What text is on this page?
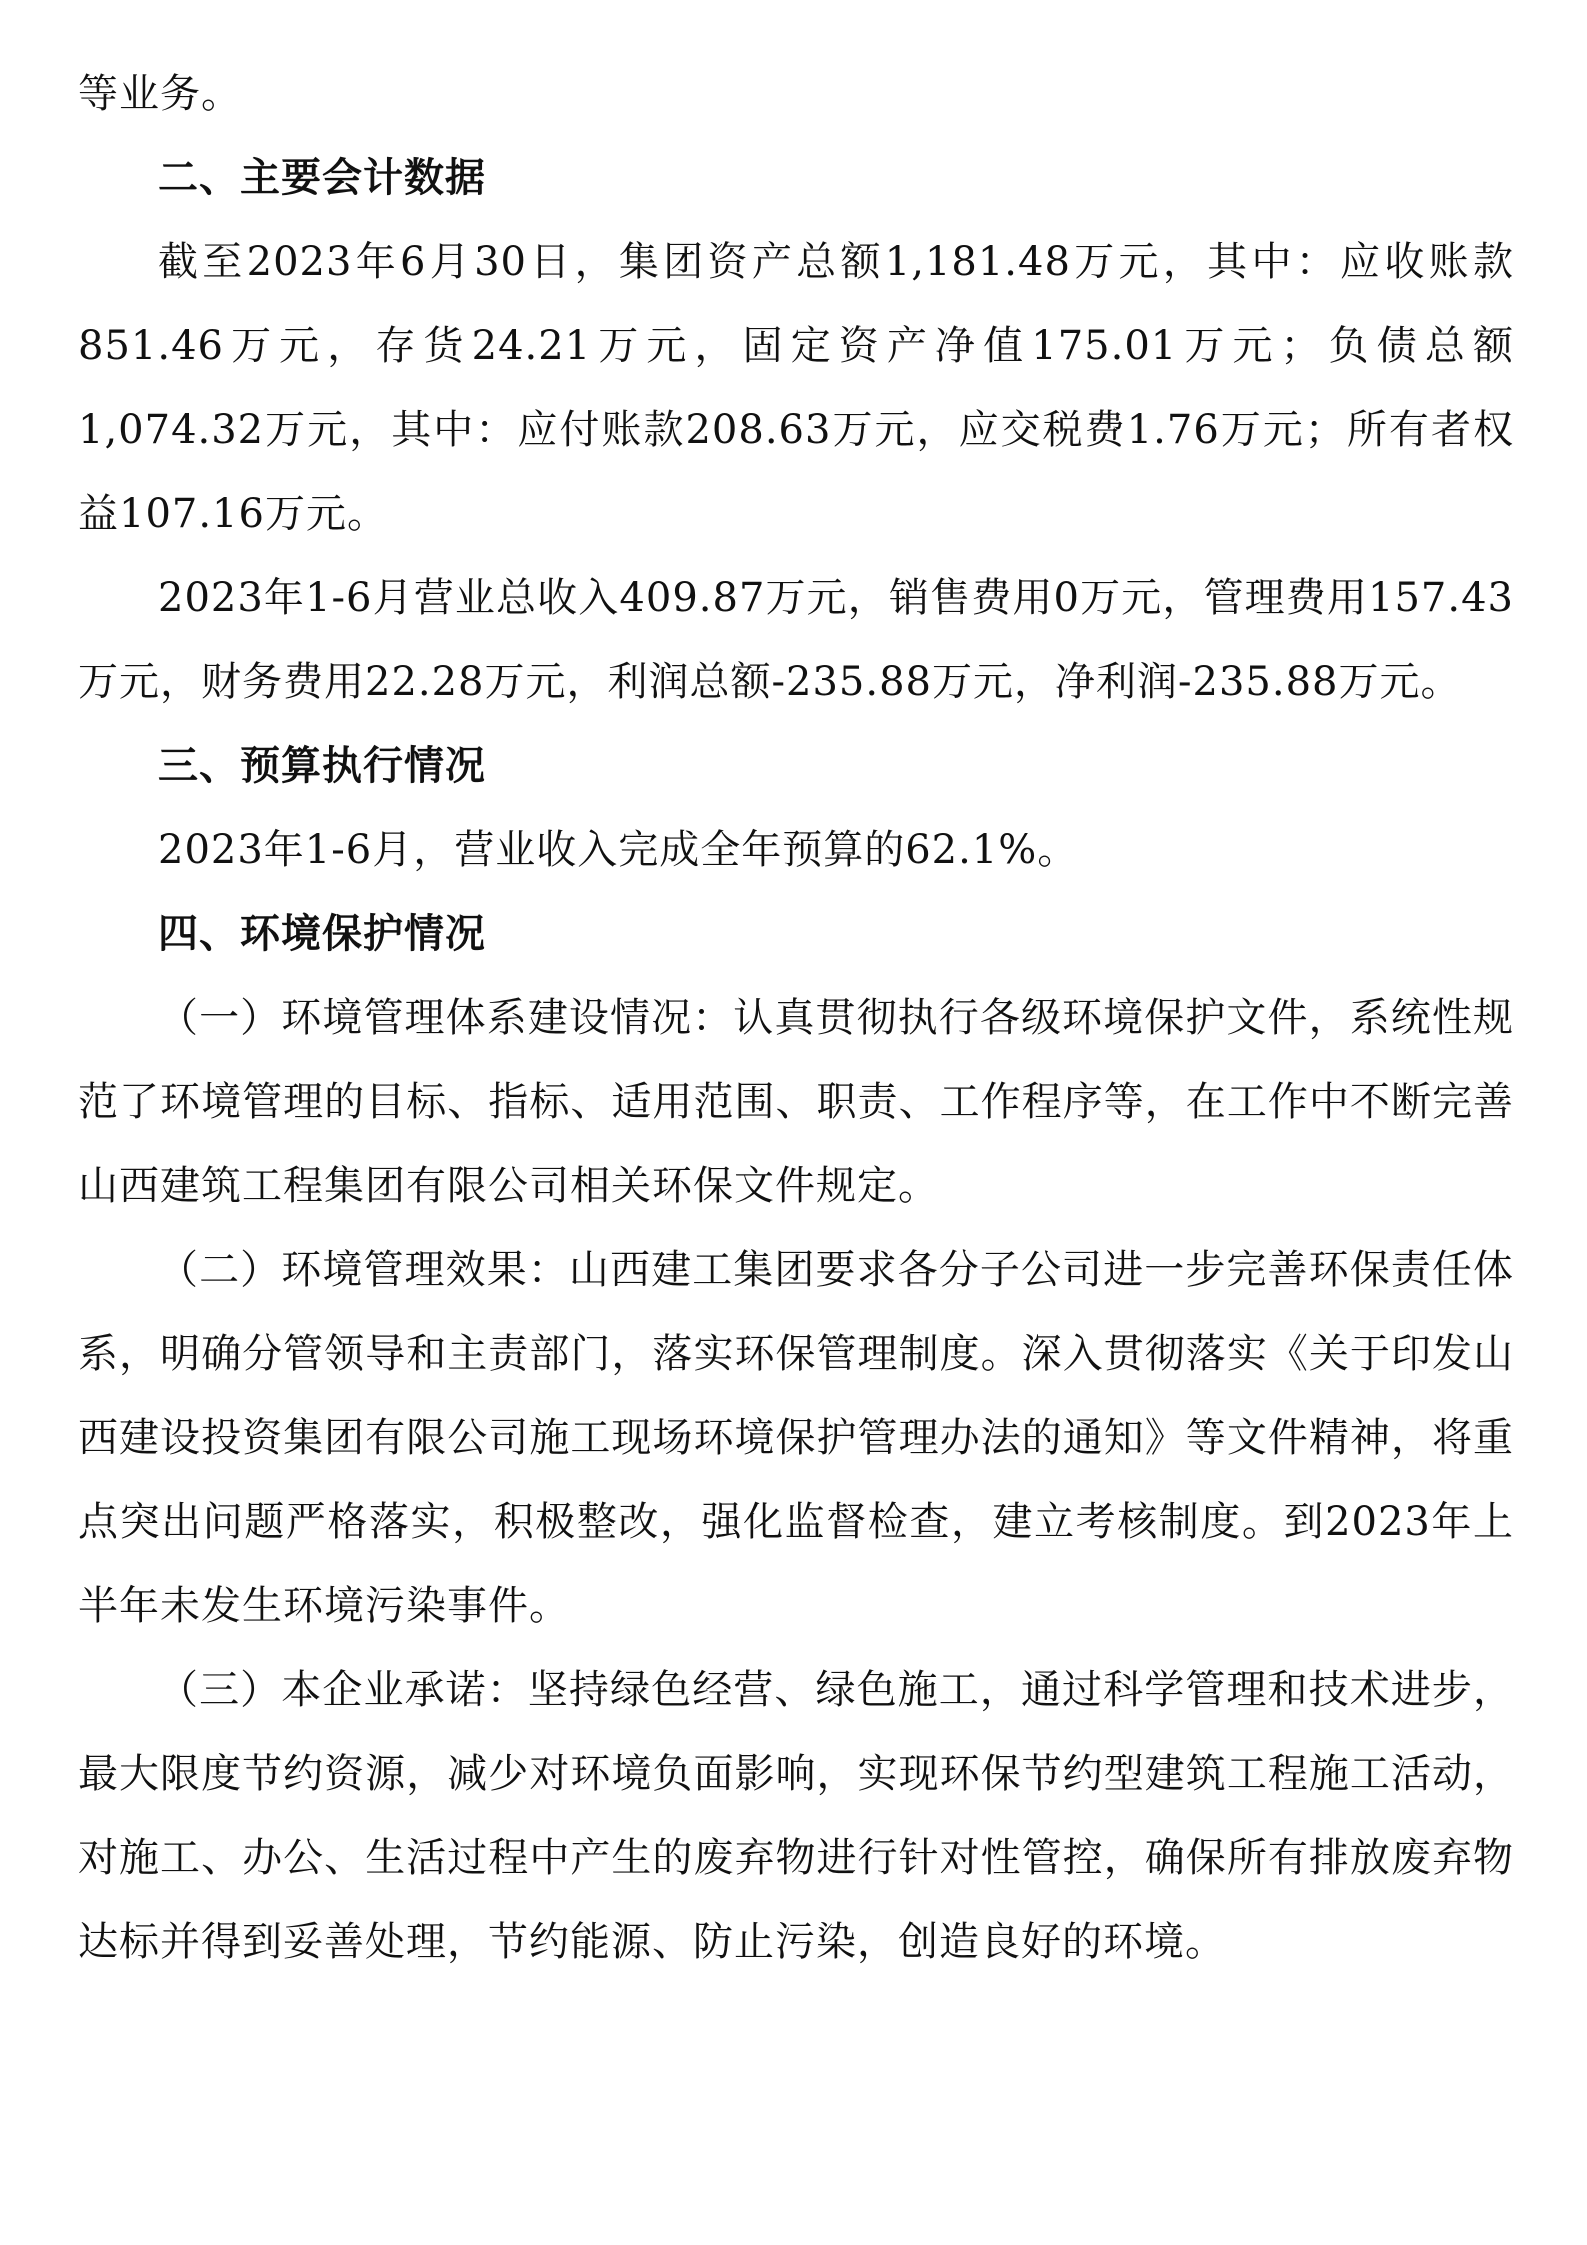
等业务。

二、主要会计数据

截至2023年6月30日，集团资产总额1,181.48万元，其中：应收账款851.46万元，存货24.21万元，固定资产净值175.01万元；负债总额1,074.32万元，其中：应付账款208.63万元，应交税费1.76万元；所有者权益107.16万元。

2023年1-6月营业总收入409.87万元，销售费用0万元，管理费用157.43万元，财务费用22.28万元，利润总额-235.88万元，净利润-235.88万元。

三、预算执行情况

2023年1-6月，营业收入完成全年预算的62.1%。

四、环境保护情况

（一）环境管理体系建设情况：认真贯彻执行各级环境保护文件，系统性规范了环境管理的目标、指标、适用范围、职责、工作程序等，在工作中不断完善山西建筑工程集团有限公司相关环保文件规定。

（二）环境管理效果：山西建工集团要求各分子公司进一步完善环保责任体系，明确分管领导和主责部门，落实环保管理制度。深入贯彻落实《关于印发山西建设投资集团有限公司施工现场环境保护管理办法的通知》等文件精神，将重点突出问题严格落实，积极整改，强化监督检查，建立考核制度。到2023年上半年未发生环境污染事件。

（三）本企业承诺：坚持绿色经营、绿色施工，通过科学管理和技术进步，最大限度节约资源，减少对环境负面影响，实现环保节约型建筑工程施工活动，对施工、办公、生活过程中产生的废弃物进行针对性管控，确保所有排放废弃物达标并得到妥善处理，节约能源、防止污染，创造良好的环境。
